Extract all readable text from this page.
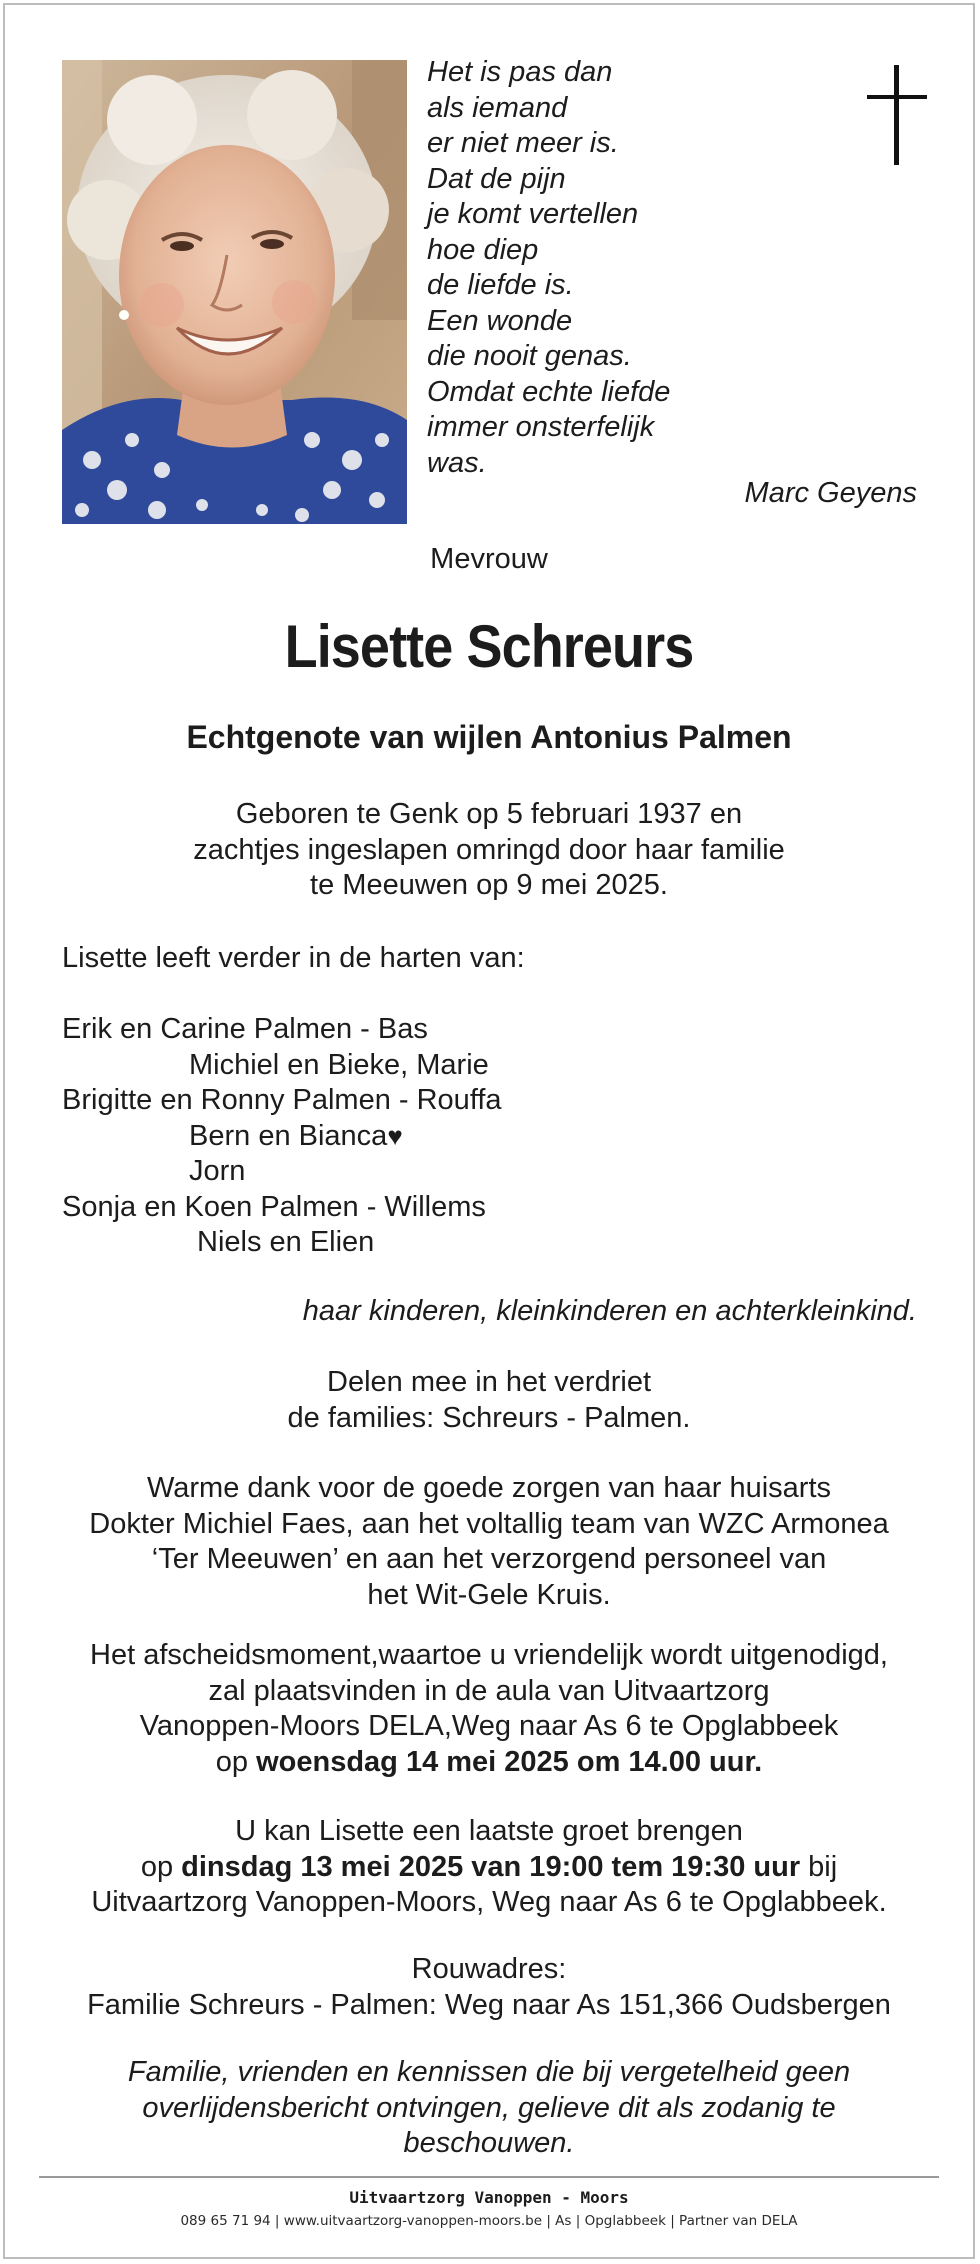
Het is pas dan
als iemand
er niet meer is.
Dat de pijn
je komt vertellen
hoe diep
de liefde is.
Een wonde
die nooit genas.
Omdat echte liefde
immer onsterfelijk
was.
Marc Geyens
Mevrouw
Lisette Schreurs
Echtgenote van wijlen Antonius Palmen
Geboren te Genk op 5 februari 1937 en
zachtjes ingeslapen omringd door haar familie
te Meeuwen op 9 mei 2025.
Lisette leeft verder in de harten van:
Erik en Carine Palmen - Bas
Michiel en Bieke, Marie
Brigitte en Ronny Palmen - Rouffa
Bern en Bianca♥
Jorn
Sonja en Koen Palmen - Willems
Niels en Elien
haar kinderen, kleinkinderen en achterkleinkind.
Delen mee in het verdriet
de families: Schreurs - Palmen.
Warme dank voor de goede zorgen van haar huisarts
Dokter Michiel Faes, aan het voltallig team van WZC Armonea
‘Ter Meeuwen’ en aan het verzorgend personeel van
het Wit-Gele Kruis.
Het afscheidsmoment,waartoe u vriendelijk wordt uitgenodigd,
zal plaatsvinden in de aula van Uitvaartzorg
Vanoppen-Moors DELA,Weg naar As 6 te Opglabbeek
op woensdag 14 mei 2025 om 14.00 uur.
U kan Lisette een laatste groet brengen
op dinsdag 13 mei 2025 van 19:00 tem 19:30 uur bij
Uitvaartzorg Vanoppen-Moors, Weg naar As 6 te Opglabbeek.
Rouwadres:
Familie Schreurs - Palmen: Weg naar As 151,366 Oudsbergen
Familie, vrienden en kennissen die bij vergetelheid geen
overlijdensbericht ontvingen, gelieve dit als zodanig te
beschouwen.
Uitvaartzorg Vanoppen - Moors
089 65 71 94 | www.uitvaartzorg-vanoppen-moors.be | As | Opglabbeek | Partner van DELA
